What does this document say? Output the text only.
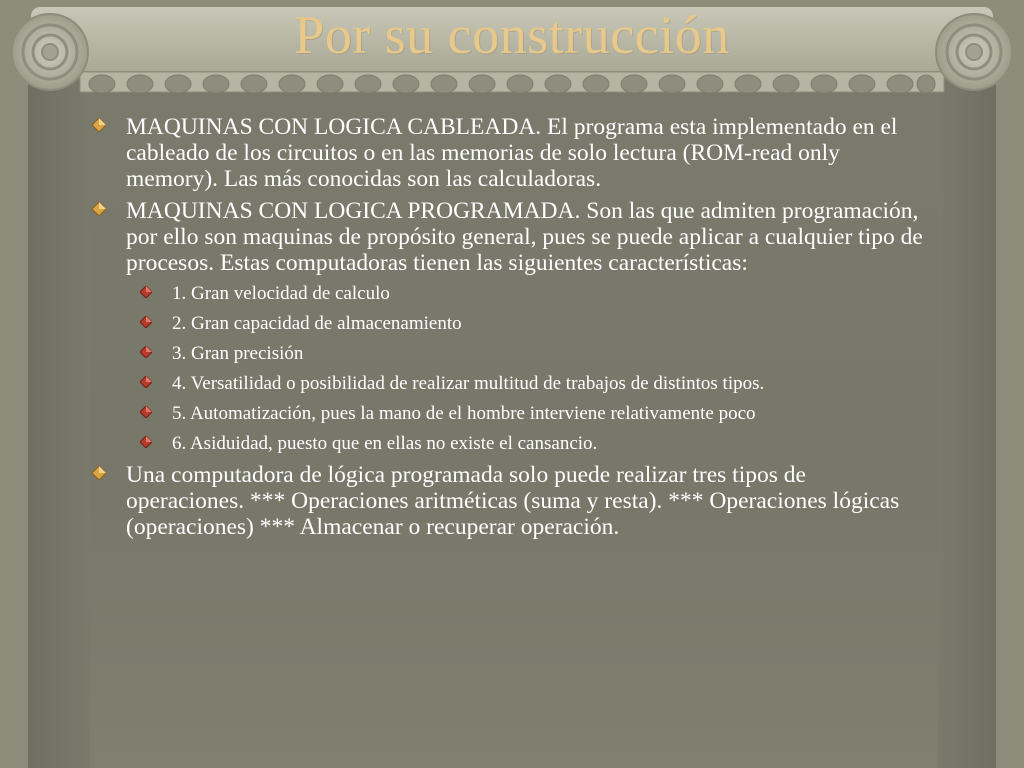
Por su construcción
MAQUINAS CON LOGICA CABLEADA. El programa esta implementado en el cableado de los circuitos o en las memorias de solo lectura (ROM-read only memory). Las más conocidas son las calculadoras.
MAQUINAS CON LOGICA PROGRAMADA. Son las que admiten programación, por ello son maquinas de propósito general, pues se puede aplicar a cualquier tipo de procesos. Estas computadoras tienen las siguientes características:
1. Gran velocidad de calculo
2. Gran capacidad de almacenamiento
3. Gran precisión
4. Versatilidad o posibilidad de realizar multitud de trabajos de distintos tipos.
5. Automatización, pues la mano de el hombre interviene relativamente poco
6. Asiduidad, puesto que en ellas no existe el cansancio.
Una computadora de lógica programada solo puede realizar tres tipos de operaciones. *** Operaciones aritméticas (suma y resta). *** Operaciones lógicas (operaciones) *** Almacenar o recuperar operación.
